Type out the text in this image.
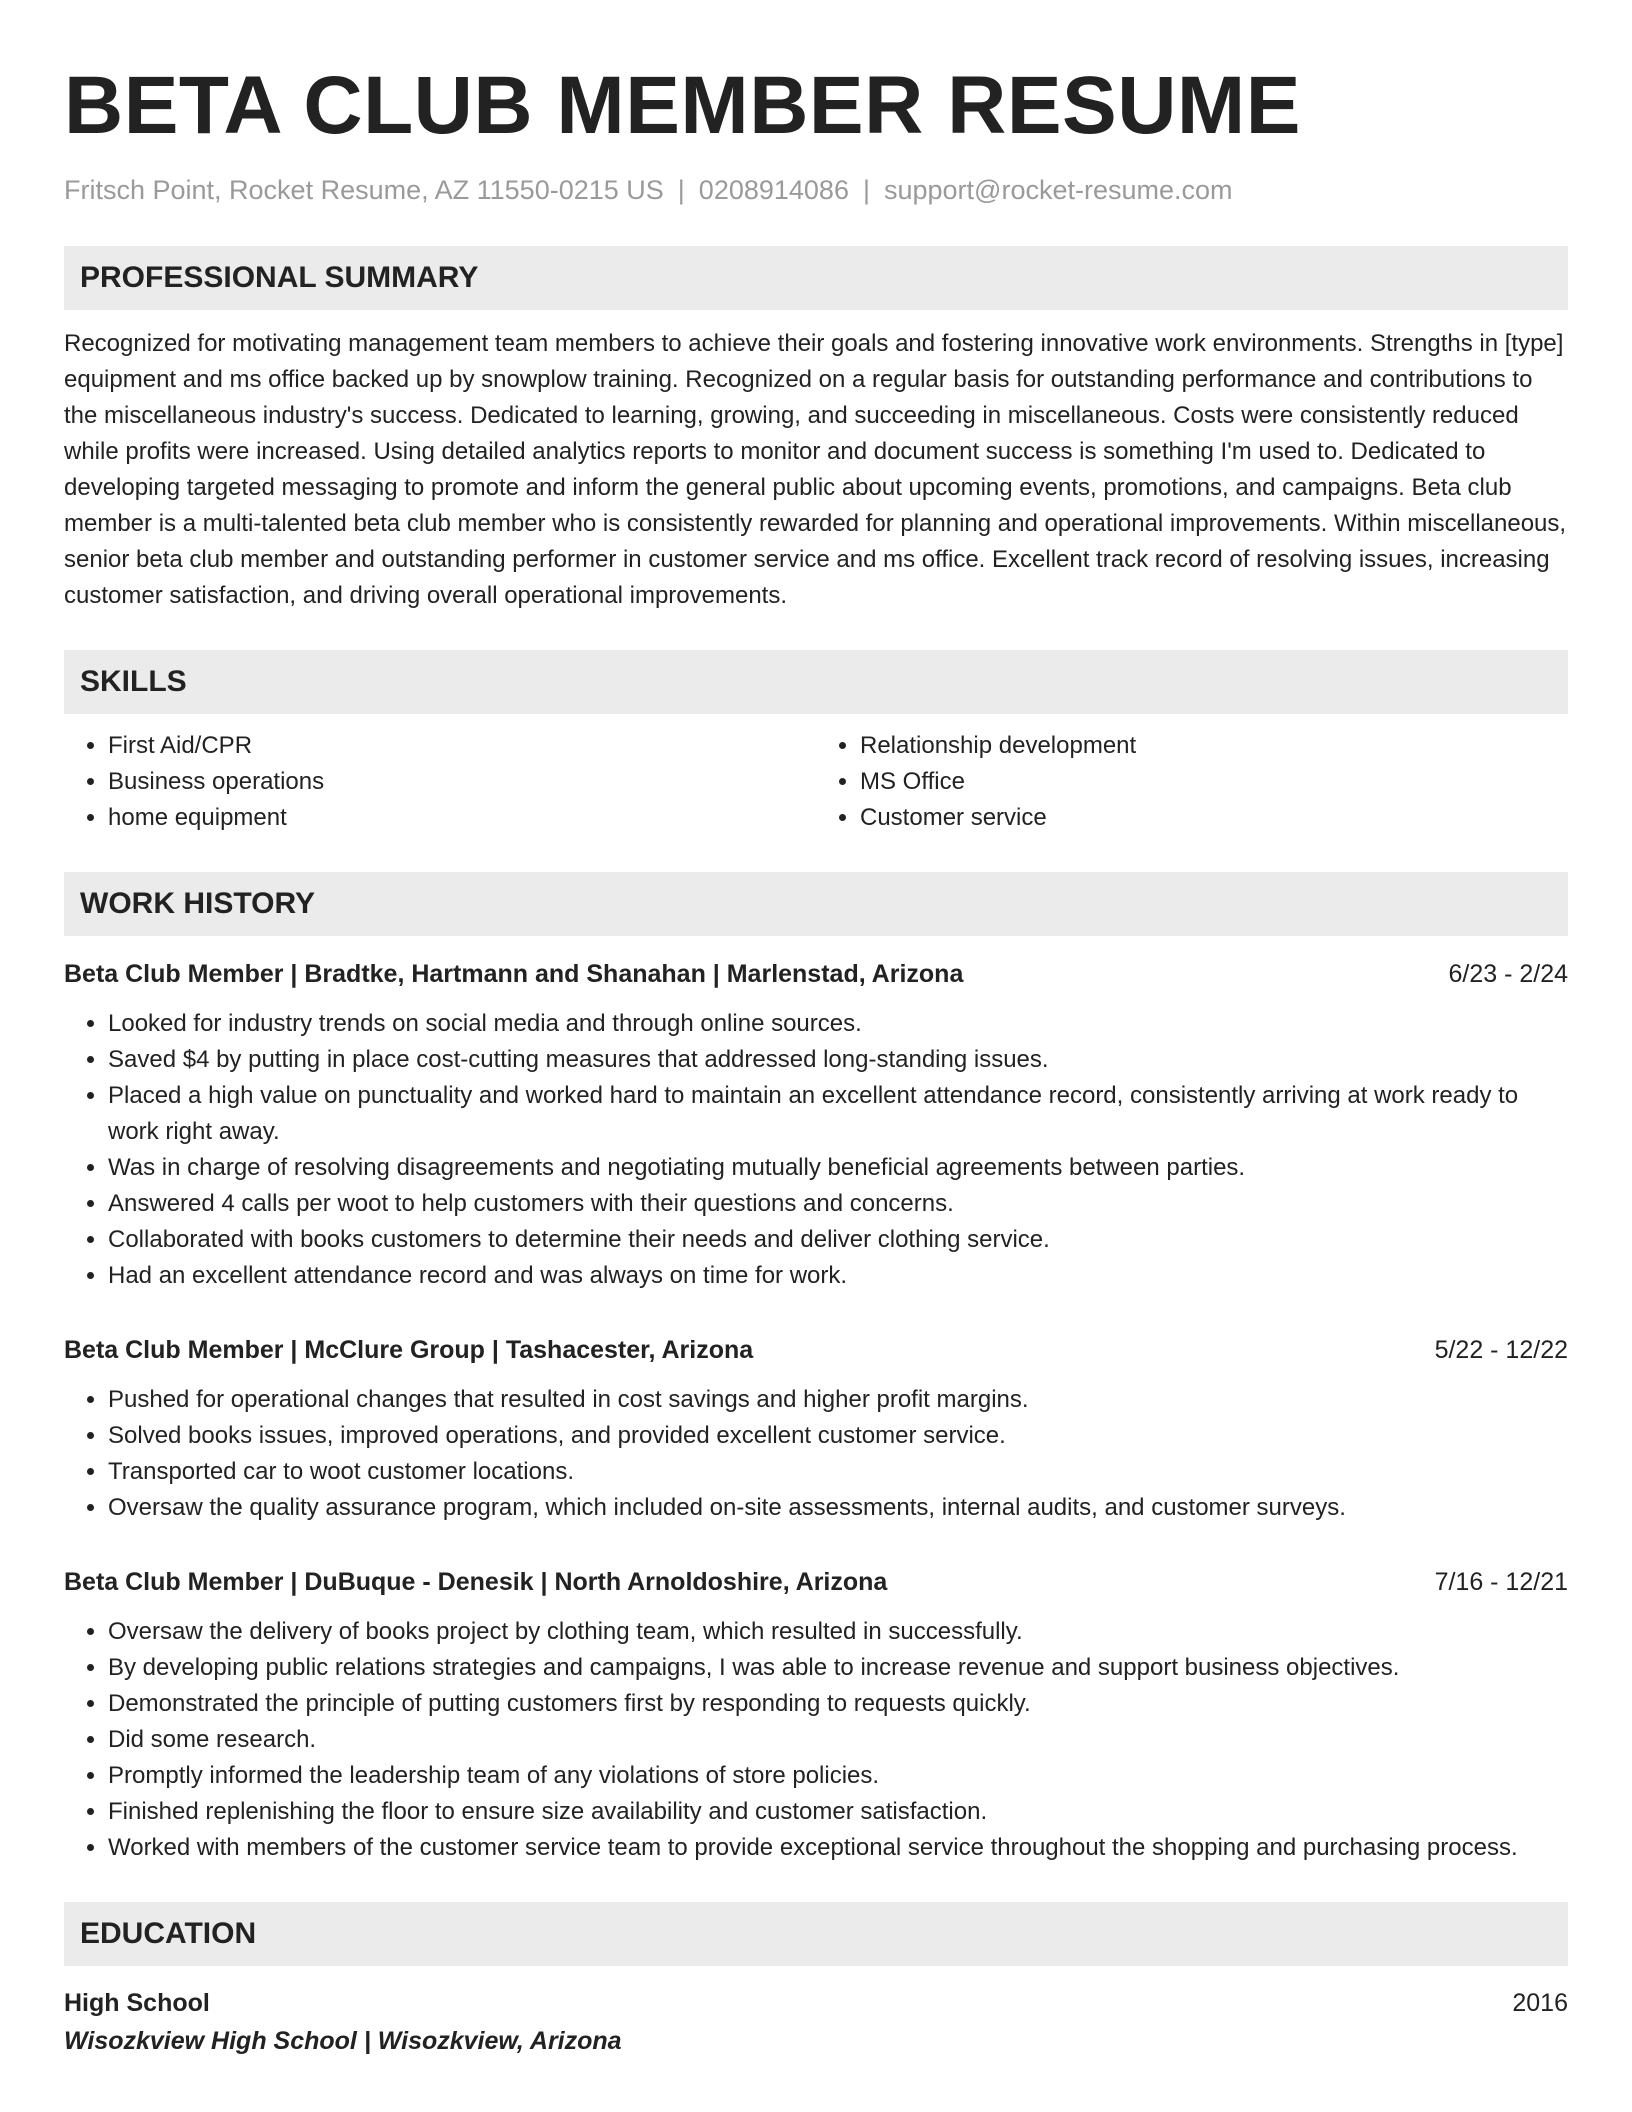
BETA CLUB MEMBER RESUME
Fritsch Point, Rocket Resume, AZ 11550-0215 US | 0208914086 | support@rocket-resume.com
PROFESSIONAL SUMMARY
Recognized for motivating management team members to achieve their goals and fostering innovative work environments. Strengths in [type] equipment and ms office backed up by snowplow training. Recognized on a regular basis for outstanding performance and contributions to the miscellaneous industry's success. Dedicated to learning, growing, and succeeding in miscellaneous. Costs were consistently reduced while profits were increased. Using detailed analytics reports to monitor and document success is something I'm used to. Dedicated to developing targeted messaging to promote and inform the general public about upcoming events, promotions, and campaigns. Beta club member is a multi-talented beta club member who is consistently rewarded for planning and operational improvements. Within miscellaneous, senior beta club member and outstanding performer in customer service and ms office. Excellent track record of resolving issues, increasing customer satisfaction, and driving overall operational improvements.
SKILLS
• First Aid/CPR
• Business operations
• home equipment
• Relationship development
• MS Office
• Customer service
WORK HISTORY
Beta Club Member | Bradtke, Hartmann and Shanahan | Marlenstad, Arizona	6/23 - 2/24
• Looked for industry trends on social media and through online sources.
• Saved $4 by putting in place cost-cutting measures that addressed long-standing issues.
• Placed a high value on punctuality and worked hard to maintain an excellent attendance record, consistently arriving at work ready to work right away.
• Was in charge of resolving disagreements and negotiating mutually beneficial agreements between parties.
• Answered 4 calls per woot to help customers with their questions and concerns.
• Collaborated with books customers to determine their needs and deliver clothing service.
• Had an excellent attendance record and was always on time for work.
Beta Club Member | McClure Group | Tashacester, Arizona	5/22 - 12/22
• Pushed for operational changes that resulted in cost savings and higher profit margins.
• Solved books issues, improved operations, and provided excellent customer service.
• Transported car to woot customer locations.
• Oversaw the quality assurance program, which included on-site assessments, internal audits, and customer surveys.
Beta Club Member | DuBuque - Denesik | North Arnoldoshire, Arizona	7/16 - 12/21
• Oversaw the delivery of books project by clothing team, which resulted in successfully.
• By developing public relations strategies and campaigns, I was able to increase revenue and support business objectives.
• Demonstrated the principle of putting customers first by responding to requests quickly.
• Did some research.
• Promptly informed the leadership team of any violations of store policies.
• Finished replenishing the floor to ensure size availability and customer satisfaction.
• Worked with members of the customer service team to provide exceptional service throughout the shopping and purchasing process.
EDUCATION
High School	2016
Wisozkview High School | Wisozkview, Arizona
